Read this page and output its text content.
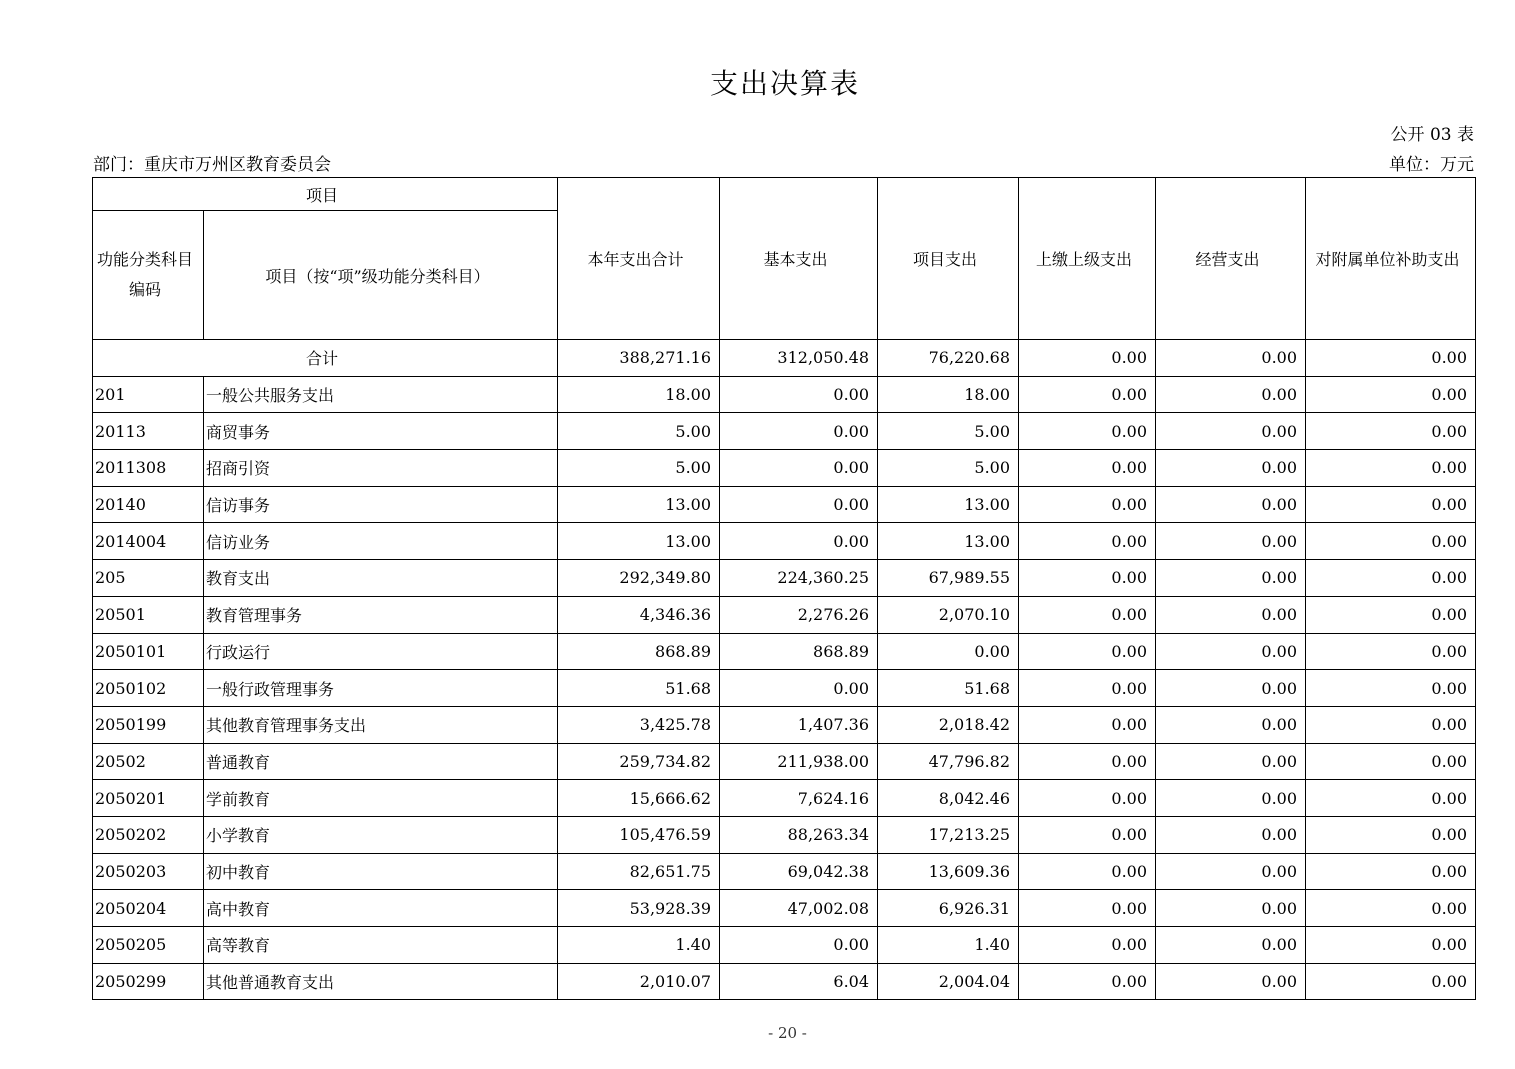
支出决算表
公开 03 表
部门：重庆市万州区教育委员会	单位：万元
项目		本年支出合计	基本支出	项目支出	上缴上级支出	经营支出	对附属单位补助支出
功能分类科目编码	项目（按“项”级功能分类科目）						
合计		388,271.16	312,050.48	76,220.68	0.00	0.00	0.00
201	一般公共服务支出	18.00	0.00	18.00	0.00	0.00	0.00
20113	商贸事务	5.00	0.00	5.00	0.00	0.00	0.00
2011308	招商引资	5.00	0.00	5.00	0.00	0.00	0.00
20140	信访事务	13.00	0.00	13.00	0.00	0.00	0.00
2014004	信访业务	13.00	0.00	13.00	0.00	0.00	0.00
205	教育支出	292,349.80	224,360.25	67,989.55	0.00	0.00	0.00
20501	教育管理事务	4,346.36	2,276.26	2,070.10	0.00	0.00	0.00
2050101	行政运行	868.89	868.89	0.00	0.00	0.00	0.00
2050102	一般行政管理事务	51.68	0.00	51.68	0.00	0.00	0.00
2050199	其他教育管理事务支出	3,425.78	1,407.36	2,018.42	0.00	0.00	0.00
20502	普通教育	259,734.82	211,938.00	47,796.82	0.00	0.00	0.00
2050201	学前教育	15,666.62	7,624.16	8,042.46	0.00	0.00	0.00
2050202	小学教育	105,476.59	88,263.34	17,213.25	0.00	0.00	0.00
2050203	初中教育	82,651.75	69,042.38	13,609.36	0.00	0.00	0.00
2050204	高中教育	53,928.39	47,002.08	6,926.31	0.00	0.00	0.00
2050205	高等教育	1.40	0.00	1.40	0.00	0.00	0.00
2050299	其他普通教育支出	2,010.07	6.04	2,004.04	0.00	0.00	0.00
- 20 -
